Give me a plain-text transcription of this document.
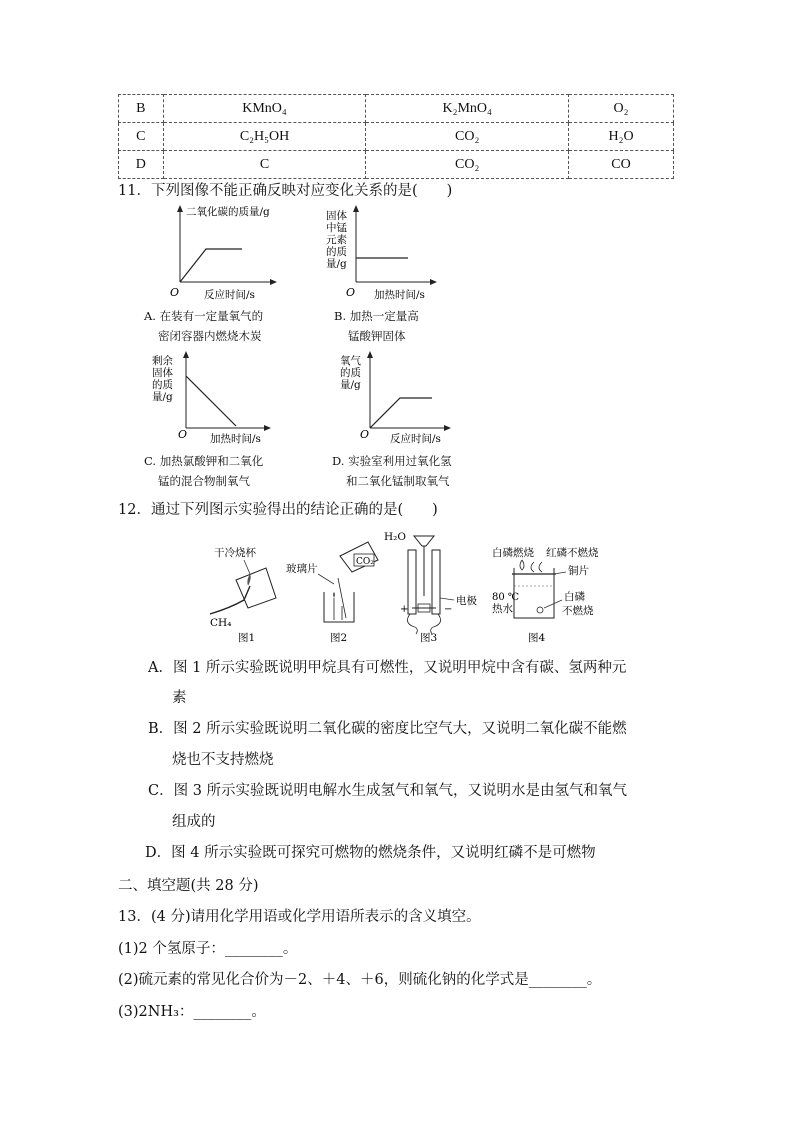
B	KMnO₄	K₂MnO₄	O₂
C	C₂H₅OH	CO₂	H₂O
D	C	CO₂	CO
11．下列图像不能正确反映对应变化关系的是(　　)
二氧化碳的质量/g
O 反应时间/s
A. 在装有一定量氧气的
密闭容器内燃烧木炭
固体
中锰
元素
的质
量/g
O 加热时间/s
B. 加热一定量高
锰酸钾固体
剩余
固体
的质
量/g
O 加热时间/s
C. 加热氯酸钾和二氧化
锰的混合物制氧气
氧气
的质
量/g
O 反应时间/s
D. 实验室利用过氧化氢
和二氧化锰制取氧气
12．通过下列图示实验得出的结论正确的是(　　)
干冷烧杯
CH₄
图1
玻璃片
CO₂
图2
H₂O
+	−
电极
图3
白磷燃烧 红磷不燃烧
铜片
80 ℃
热水
白磷
不燃烧
图4
A．图 1 所示实验既说明甲烷具有可燃性，又说明甲烷中含有碳、氢两种元
素
B．图 2 所示实验既说明二氧化碳的密度比空气大，又说明二氧化碳不能燃
烧也不支持燃烧
C．图 3 所示实验既说明电解水生成氢气和氧气，又说明水是由氢气和氧气
组成的
D．图 4 所示实验既可探究可燃物的燃烧条件，又说明红磷不是可燃物
二、填空题(共 28 分)
13．(4 分)请用化学用语或化学用语所表示的含义填空。
(1)2 个氢原子：________。
(2)硫元素的常见化合价为－2、＋4、＋6，则硫化钠的化学式是________。
(3)2NH₃：________。
